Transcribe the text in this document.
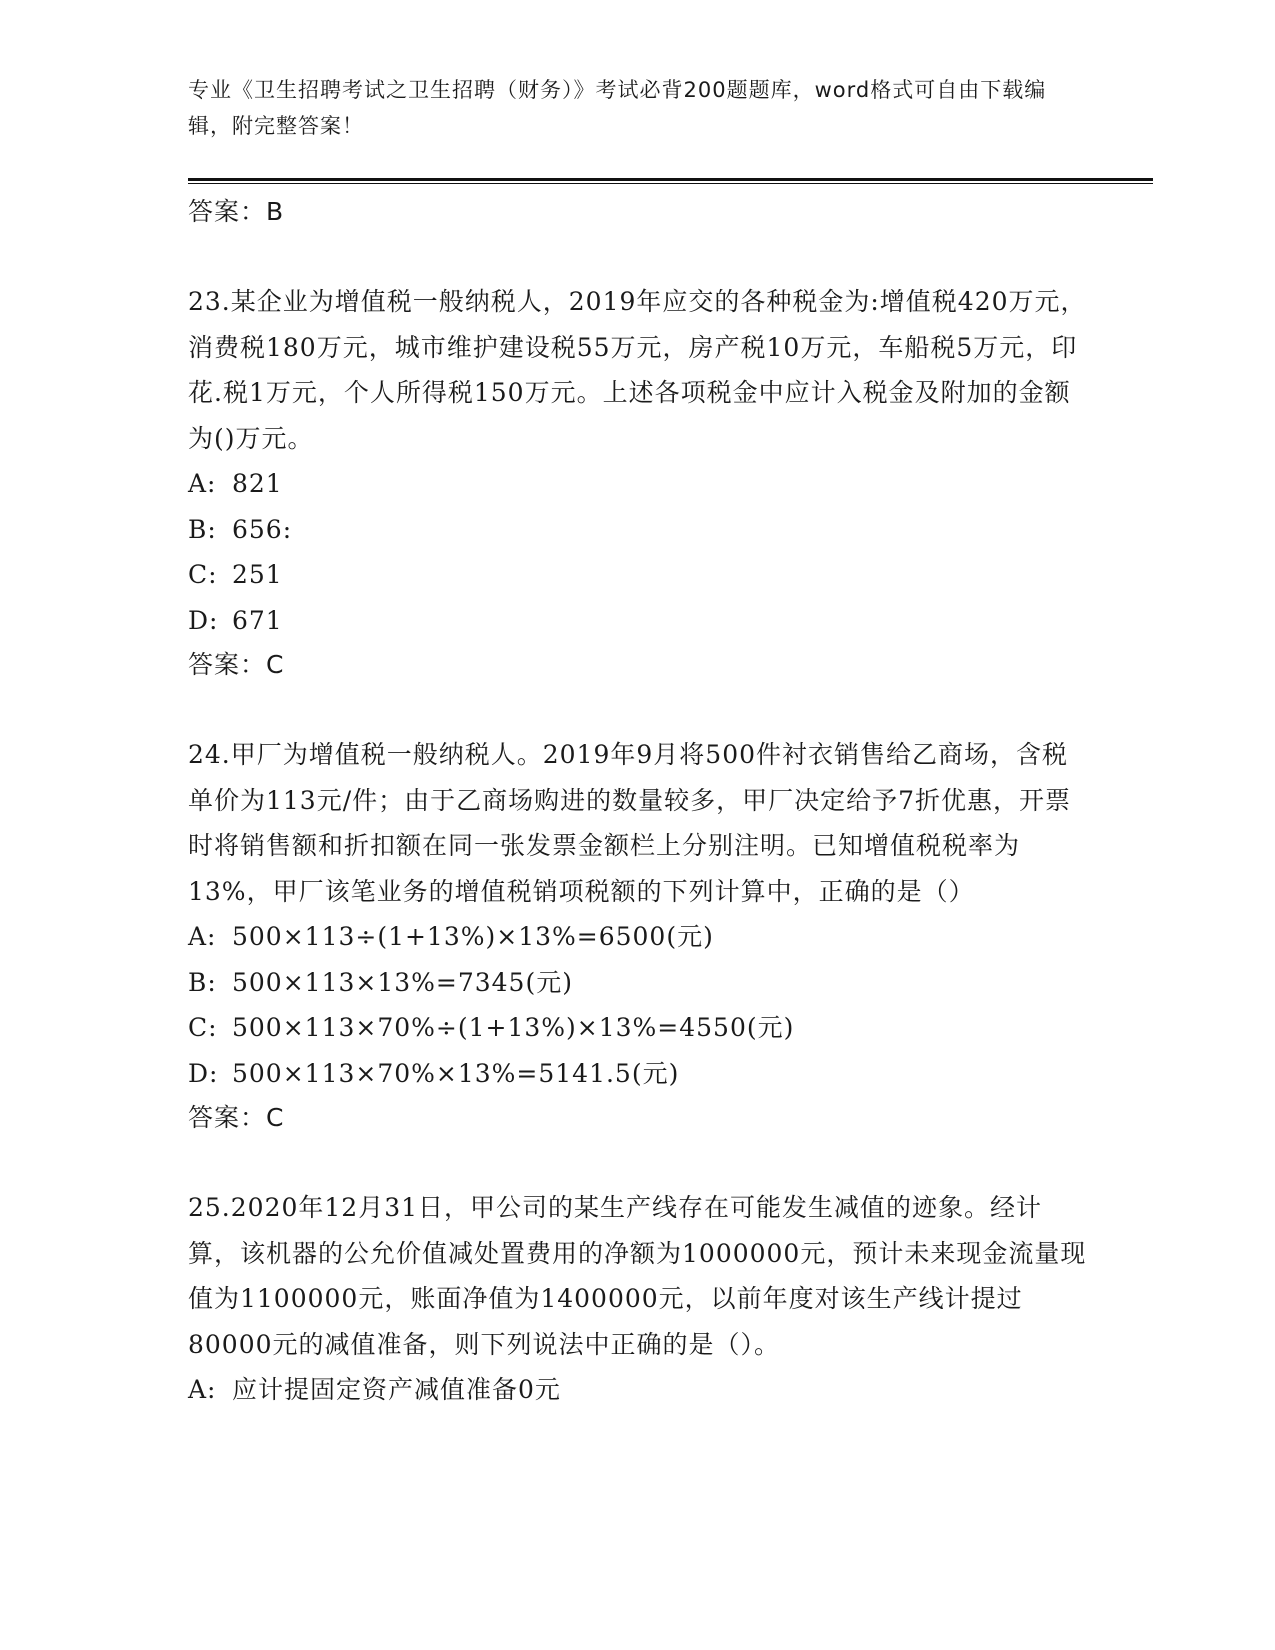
专业《卫生招聘考试之卫生招聘（财务）》考试必背200题题库，word格式可自由下载编辑，附完整答案！
答案：B
23.某企业为增值税一般纳税人，2019年应交的各种税金为:增值税420万元，消费税180万元，城市维护建设税55万元，房产税10万元，车船税5万元，印花.税1万元，个人所得税150万元。上述各项税金中应计入税金及附加的金额为()万元。
A: 821
B: 656:
C: 251
D: 671
答案：C
24.甲厂为增值税一般纳税人。2019年9月将500件衬衣销售给乙商场，含税单价为113元/件；由于乙商场购进的数量较多，甲厂决定给予7折优惠，开票时将销售额和折扣额在同一张发票金额栏上分别注明。已知增值税税率为13%，甲厂该笔业务的增值税销项税额的下列计算中，正确的是（）
A: 500×113÷(1+13%)×13%=6500(元)
B: 500×113×13%=7345(元)
C: 500×113×70%÷(1+13%)×13%=4550(元)
D: 500×113×70%×13%=5141.5(元)
答案：C
25.2020年12月31日，甲公司的某生产线存在可能发生减值的迹象。经计算，该机器的公允价值减处置费用的净额为1000000元，预计未来现金流量现值为1100000元，账面净值为1400000元，以前年度对该生产线计提过80000元的减值准备，则下列说法中正确的是（）。
A: 应计提固定资产减值准备0元
